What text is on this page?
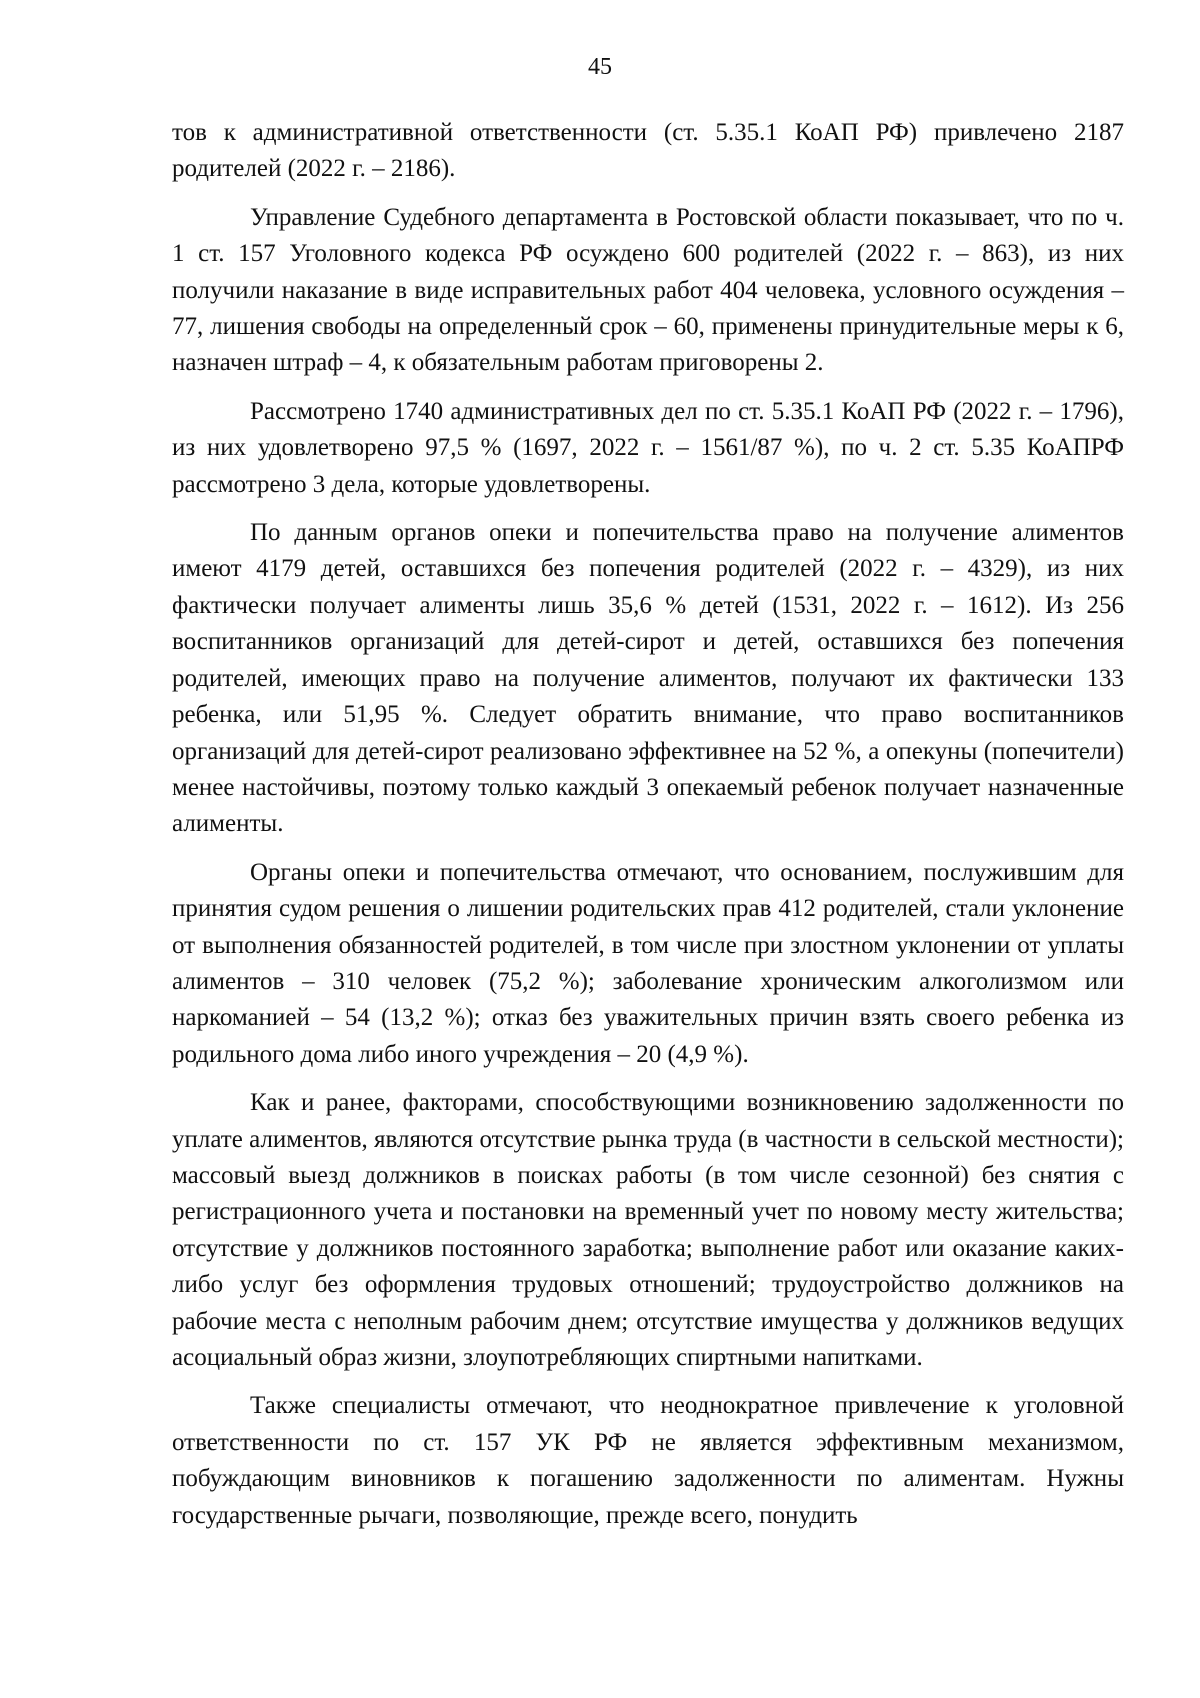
45

тов к административной ответственности (ст. 5.35.1 КоАП РФ) привлечено 2187 родителей (2022 г. – 2186).

Управление Судебного департамента в Ростовской области показывает, что по ч. 1 ст. 157 Уголовного кодекса РФ осуждено 600 родителей (2022 г. – 863), из них получили наказание в виде исправительных работ 404 человека, условного осуждения – 77, лишения свободы на определенный срок – 60, применены принудительные меры к 6, назначен штраф – 4, к обязательным работам приговорены 2.

Рассмотрено 1740 административных дел по ст. 5.35.1 КоАП РФ (2022 г. – 1796), из них удовлетворено 97,5 % (1697, 2022 г. – 1561/87 %), по ч. 2 ст. 5.35 КоАПРФ рассмотрено 3 дела, которые удовлетворены.

По данным органов опеки и попечительства право на получение алиментов имеют 4179 детей, оставшихся без попечения родителей (2022 г. – 4329), из них фактически получает алименты лишь 35,6 % детей (1531, 2022 г. – 1612). Из 256 воспитанников организаций для детей-сирот и детей, оставшихся без попечения родителей, имеющих право на получение алиментов, получают их фактически 133 ребенка, или 51,95 %. Следует обратить внимание, что право воспитанников организаций для детей-сирот реализовано эффективнее на 52 %, а опекуны (попечители) менее настойчивы, поэтому только каждый 3 опекаемый ребенок получает назначенные алименты.

Органы опеки и попечительства отмечают, что основанием, послужившим для принятия судом решения о лишении родительских прав 412 родителей, стали уклонение от выполнения обязанностей родителей, в том числе при злостном уклонении от уплаты алиментов – 310 человек (75,2 %); заболевание хроническим алкоголизмом или наркоманией – 54 (13,2 %); отказ без уважительных причин взять своего ребенка из родильного дома либо иного учреждения – 20 (4,9 %).

Как и ранее, факторами, способствующими возникновению задолженности по уплате алиментов, являются отсутствие рынка труда (в частности в сельской местности); массовый выезд должников в поисках работы (в том числе сезонной) без снятия с регистрационного учета и постановки на временный учет по новому месту жительства; отсутствие у должников постоянного заработка; выполнение работ или оказание каких-либо услуг без оформления трудовых отношений; трудоустройство должников на рабочие места с неполным рабочим днем; отсутствие имущества у должников ведущих асоциальный образ жизни, злоупотребляющих спиртными напитками.

Также специалисты отмечают, что неоднократное привлечение к уголовной ответственности по ст. 157 УК РФ не является эффективным механизмом, побуждающим виновников к погашению задолженности по алиментам. Нужны государственные рычаги, позволяющие, прежде всего, понудить
